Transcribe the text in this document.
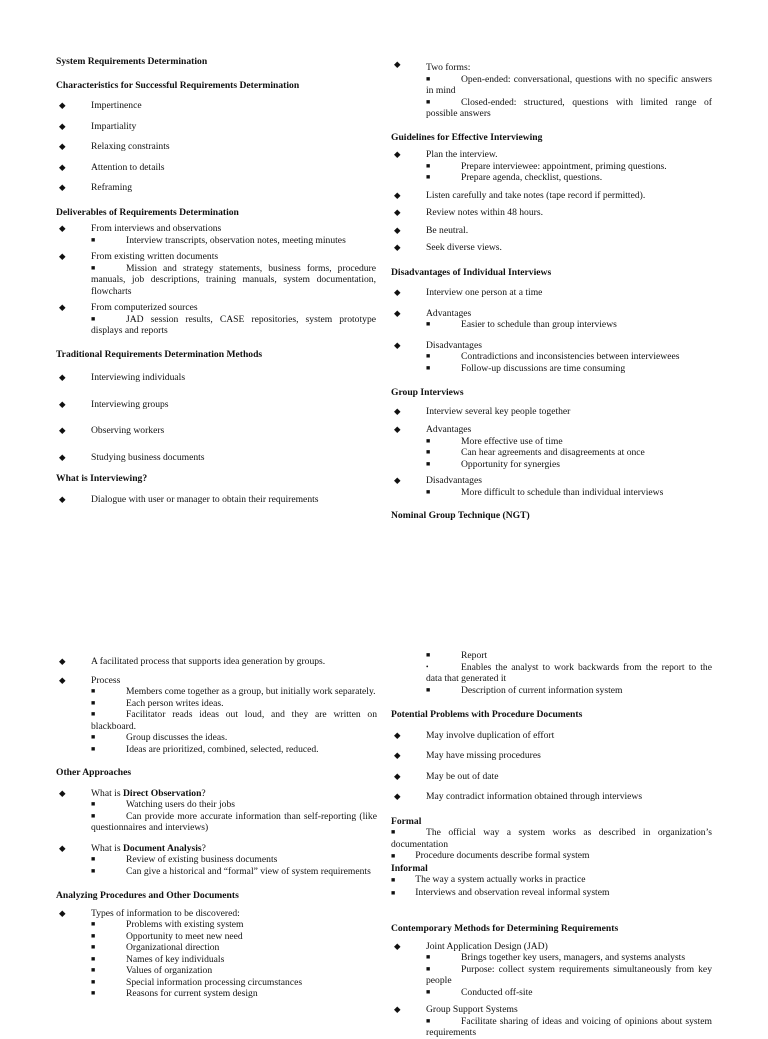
System Requirements Determination

Characteristics for Successful Requirements Determination

◆	Impertinence
◆	Impartiality
◆	Relaxing constraints
◆	Attention to details
◆	Reframing

Deliverables of Requirements Determination

◆	From interviews and observations
■	Interview transcripts, observation notes, meeting minutes
◆	From existing written documents
■	Mission and strategy statements, business forms, procedure manuals, job descriptions, training manuals, system documentation, flowcharts
◆	From computerized sources
■	JAD session results, CASE repositories, system prototype displays and reports

Traditional Requirements Determination Methods

◆	Interviewing individuals
◆	Interviewing groups
◆	Observing workers
◆	Studying business documents

What is Interviewing?

◆	Dialogue with user or manager to obtain their requirements
◆	Two forms:
■	Open-ended: conversational, questions with no specific answers in mind
■	Closed-ended: structured, questions with limited range of possible answers

Guidelines for Effective Interviewing

◆	Plan the interview.
■	Prepare interviewee: appointment, priming questions.
■	Prepare agenda, checklist, questions.
◆	Listen carefully and take notes (tape record if permitted).
◆	Review notes within 48 hours.
◆	Be neutral.
◆	Seek diverse views.

Disadvantages of Individual Interviews

◆	Interview one person at a time
◆	Advantages
■	Easier to schedule than group interviews
◆	Disadvantages
■	Contradictions and inconsistencies between interviewees
■	Follow-up discussions are time consuming

Group Interviews

◆	Interview several key people together
◆	Advantages
■	More effective use of time
■	Can hear agreements and disagreements at once
■	Opportunity for synergies
◆	Disadvantages
■	More difficult to schedule than individual interviews

Nominal Group Technique (NGT)

◆	A facilitated process that supports idea generation by groups.
◆	Process
■	Members come together as a group, but initially work separately.
■	Each person writes ideas.
■	Facilitator reads ideas out loud, and they are written on blackboard.
■	Group discusses the ideas.
■	Ideas are prioritized, combined, selected, reduced.

Other Approaches

◆	What is Direct Observation?
■	Watching users do their jobs
■	Can provide more accurate information than self-reporting (like questionnaires and interviews)
◆	What is Document Analysis?
■	Review of existing business documents
■	Can give a historical and “formal” view of system requirements

Analyzing Procedures and Other Documents

◆	Types of information to be discovered:
■	Problems with existing system
■	Opportunity to meet new need
■	Organizational direction
■	Names of key individuals
■	Values of organization
■	Special information processing circumstances
■	Reasons for current system design
■	Report
•	Enables the analyst to work backwards from the report to the data that generated it
■	Description of current information system

Potential Problems with Procedure Documents

◆	May involve duplication of effort
◆	May have missing procedures
◆	May be out of date
◆	May contradict information obtained through interviews

Formal

■	The official way a system works as described in organization’s documentation
■ Procedure documents describe formal system

Informal

■ The way a system actually works in practice
■ Interviews and observation reveal informal system

Contemporary Methods for Determining Requirements

◆	Joint Application Design (JAD)
■	Brings together key users, managers, and systems analysts
■	Purpose: collect system requirements simultaneously from key people
■	Conducted off-site
◆	Group Support Systems
■	Facilitate sharing of ideas and voicing of opinions about system requirements
